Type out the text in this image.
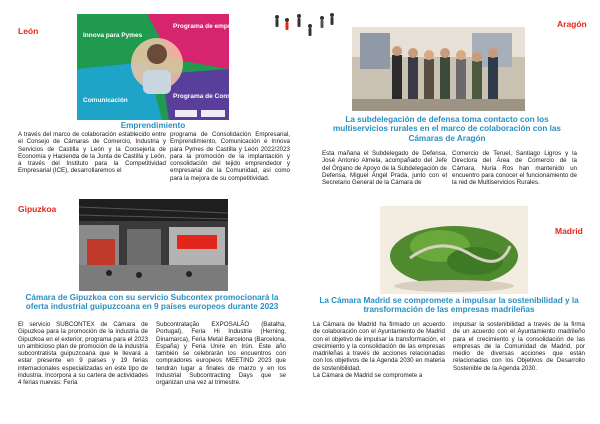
León	Innova para Pymes
Programa de emprendimiento
Comunicación
Programa de Consolidación
Emprendimiento

A través del marco de colaboración establecido entre el Consejo de Cámaras de Comercio, Industria y Servicios de Castilla y León y la Consejería de Economía y Hacienda de la Junta de Castilla y León, a través del Instituto para la Competitividad Empresarial (ICE), desarrollaremos el

programa de Consolidación Empresarial, Emprendimiento, Comunicación e Innova para Pymes de Castilla y León 2022/2023 para la promoción de la implantación y consolidación del tejido emprendedor y empresarial de la Comunidad, así como para la mejora de su competitividad.

Aragón
La subdelegación de defensa toma contacto con los multiservicios rurales en el marco de colaboración con las Cámaras de Aragón

Esta mañana el Subdelegado de Defensa, José Antonio Almela, acompañado del Jefe del Órgano de Apoyo de la Subdelegación de Defensa, Miguel Ángel Prada, junto con el Secretario General de la Cámara de

Comercio de Teruel, Santiago Ligros y la Directora del Área de Comercio de la Cámara, Nuria Ros han mantenido un encuentro para conocer el funcionamiento de la red de Multiservicios Rurales.

Gipuzkoa
Cámara de Gipuzkoa con su servicio Subcontex promocionará la oferta industrial guipuzcoana en 9 países europeos durante 2023

El servicio SUBCONTEX de Cámara de Gipuzkoa para la promoción de la industria de Gipuzkoa en el exterior, programa para el 2023 un ambicioso plan de promoción de la industria subcontratista guipuzcoana que le llevará a estar presente en 9 países y 19 ferias internacionales especializadas en este tipo de industria. Incorpora a su cartera de actividades 4 ferias nuevas: Feria

Subcontratação EXPOSALÃO (Batalha, Portugal), Feria Hi Industrie (Herning, Dinamarca), Feria Metal Barcelona (Barcelona, España) y Feria Unire en Irún. Este año también se celebrarán los encuentros con compradores europeos MEETIND 2023 que tendrán lugar a finales de marzo y en los Industrial Subcontracting Days que se organizan una vez al trimestre.

Madrid
La Cámara Madrid se compromete a impulsar la sostenibilidad y la transformación de las empresas madrileñas

La Cámara de Madrid ha firmado un acuerdo de colaboración con el Ayuntamiento de Madrid con el objetivo de impulsar la transformación, el crecimiento y la consolidación de las empresas madrileñas a través de acciones relacionadas con los objetivos de la Agenda 2030 en materia de sostenibilidad.

La Cámara de Madrid se compromete a

impulsar la sostenibilidad a través de la firma de un acuerdo con el Ayuntamiento madrileño para el crecimiento y la consolidación de las empresas de la Comunidad de Madrid, por medio de diversas acciones que están relacionadas con los Objetivos de Desarrollo Sostenible de la Agenda 2030.
